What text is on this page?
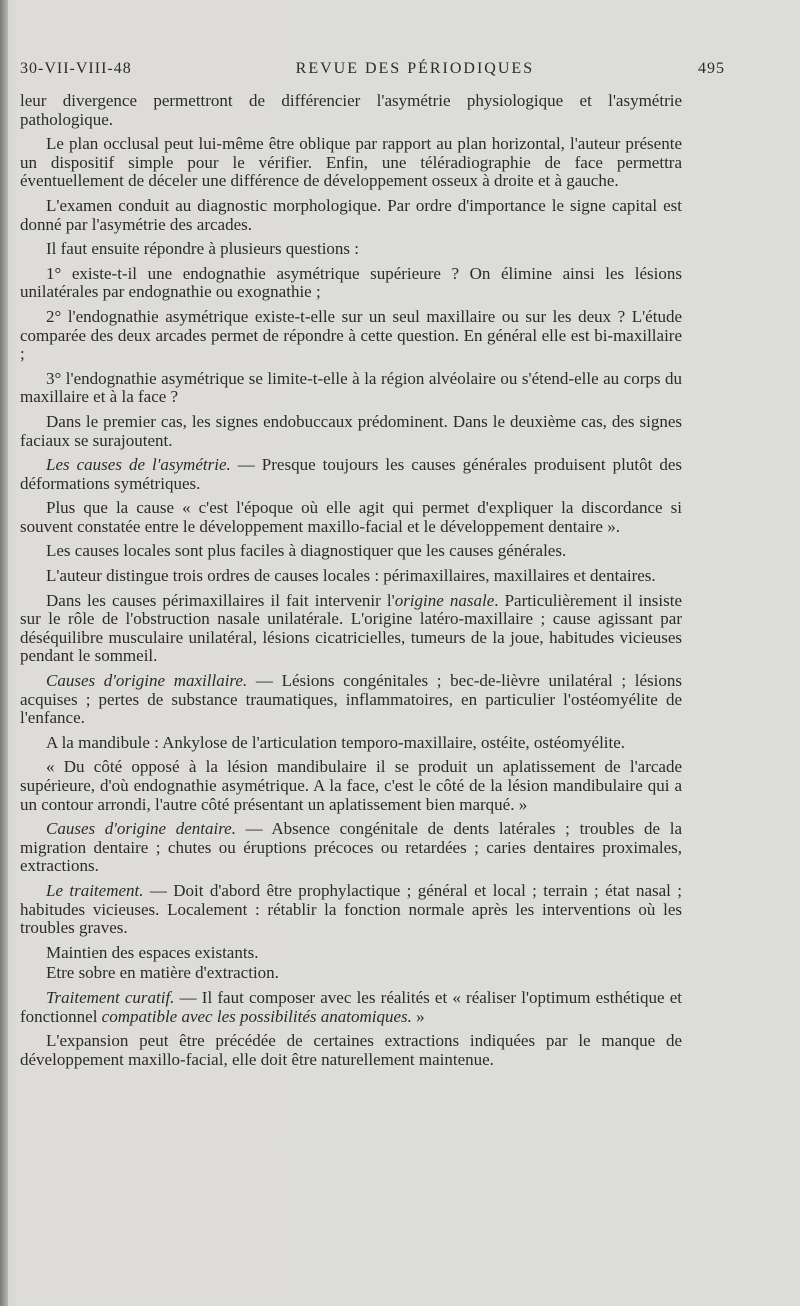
30-VII-VIII-48	REVUE DES PÉRIODIQUES	495

leur divergence permettront de différencier l'asymétrie physiologique et l'asymétrie pathologique.

Le plan occlusal peut lui-même être oblique par rapport au plan horizontal, l'auteur présente un dispositif simple pour le vérifier. Enfin, une téléradiographie de face permettra éventuellement de déceler une différence de développement osseux à droite et à gauche.

L'examen conduit au diagnostic morphologique. Par ordre d'importance le signe capital est donné par l'asymétrie des arcades.

Il faut ensuite répondre à plusieurs questions :

1° existe-t-il une endognathie asymétrique supérieure ? On élimine ainsi les lésions unilatérales par endognathie ou exognathie ;

2° l'endognathie asymétrique existe-t-elle sur un seul maxillaire ou sur les deux ? L'étude comparée des deux arcades permet de répondre à cette question. En général elle est bi-maxillaire ;

3° l'endognathie asymétrique se limite-t-elle à la région alvéolaire ou s'étend-elle au corps du maxillaire et à la face ?

Dans le premier cas, les signes endobuccaux prédominent. Dans le deuxième cas, des signes faciaux se surajoutent.

Les causes de l'asymétrie. — Presque toujours les causes générales produisent plutôt des déformations symétriques.

Plus que la cause « c'est l'époque où elle agit qui permet d'expliquer la discordance si souvent constatée entre le développement maxillo-facial et le développement dentaire ».

Les causes locales sont plus faciles à diagnostiquer que les causes générales.

L'auteur distingue trois ordres de causes locales : périmaxillaires, maxillaires et dentaires.

Dans les causes périmaxillaires il fait intervenir l'origine nasale. Particulièrement il insiste sur le rôle de l'obstruction nasale unilatérale. L'origine latéro-maxillaire ; cause agissant par déséquilibre musculaire unilatéral, lésions cicatricielles, tumeurs de la joue, habitudes vicieuses pendant le sommeil.

Causes d'origine maxillaire. — Lésions congénitales ; bec-de-lièvre unilatéral ; lésions acquises ; pertes de substance traumatiques, inflammatoires, en particulier l'ostéomyélite de l'enfance.

A la mandibule : Ankylose de l'articulation temporo-maxillaire, ostéite, ostéomyélite.

« Du côté opposé à la lésion mandibulaire il se produit un aplatissement de l'arcade supérieure, d'où endognathie asymétrique. A la face, c'est le côté de la lésion mandibulaire qui a un contour arrondi, l'autre côté présentant un aplatissement bien marqué. »

Causes d'origine dentaire. — Absence congénitale de dents latérales ; troubles de la migration dentaire ; chutes ou éruptions précoces ou retardées ; caries dentaires proximales, extractions.

Le traitement. — Doit d'abord être prophylactique ; général et local ; terrain ; état nasal ; habitudes vicieuses. Localement : rétablir la fonction normale après les interventions où les troubles graves.

Maintien des espaces existants.

Etre sobre en matière d'extraction.

Traitement curatif. — Il faut composer avec les réalités et « réaliser l'optimum esthétique et fonctionnel compatible avec les possibilités anatomiques. »

L'expansion peut être précédée de certaines extractions indiquées par le manque de développement maxillo-facial, elle doit être naturellement maintenue.
